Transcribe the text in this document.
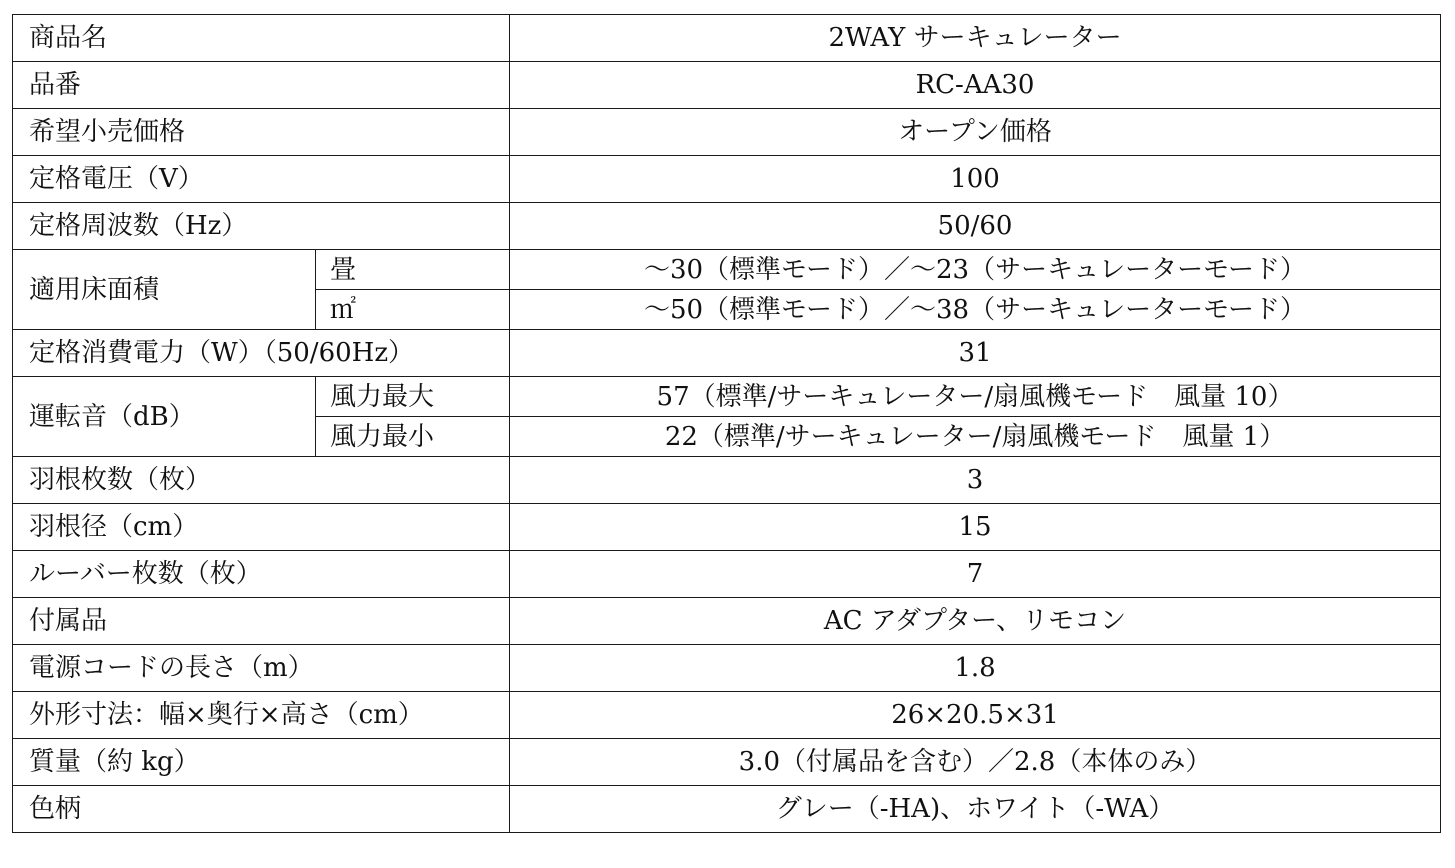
商品名		2WAY サーキュレーター
品番		RC-AA30
希望小売価格		オープン価格
定格電圧（V）		100
定格周波数（Hz）		50/60
適用床面積	畳	～30（標準モード）／～23（サーキュレーターモード）
	㎡	～50（標準モード）／～38（サーキュレーターモード）
定格消費電力（W）（50/60Hz）		31
運転音（dB）	風力最大	57（標準/サーキュレーター/扇風機モード　風量 10）
	風力最小	22（標準/サーキュレーター/扇風機モード　風量 1）
羽根枚数（枚）		3
羽根径（cm）		15
ルーバー枚数（枚）		7
付属品		AC アダプター、リモコン
電源コードの長さ（m）		1.8
外形寸法：幅×奥行×高さ（cm）		26×20.5×31
質量（約 kg）		3.0（付属品を含む）／2.8（本体のみ）
色柄		グレー（-HA)、ホワイト（-WA）
